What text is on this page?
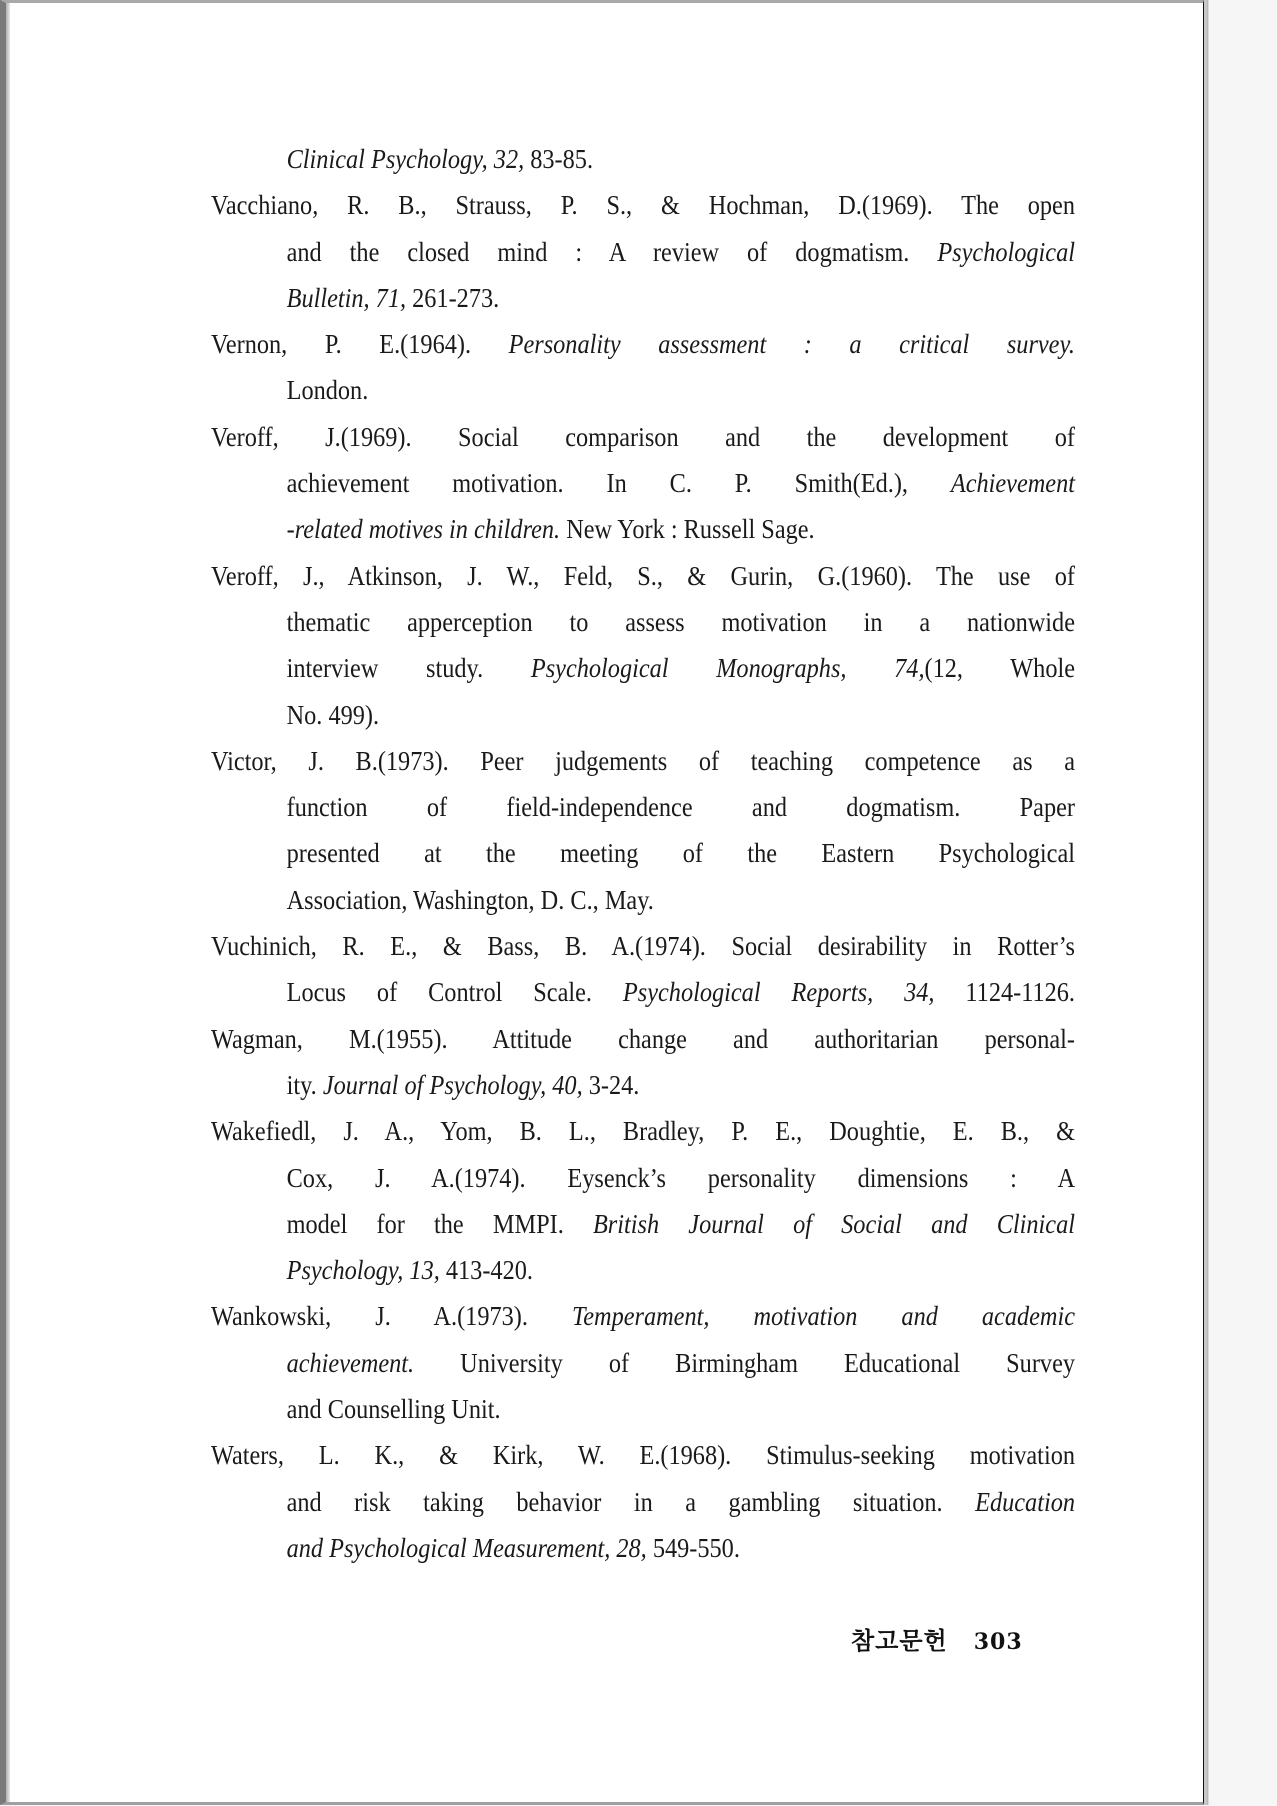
Clinical Psychology, 32, 83-85.
Vacchiano, R. B., Strauss, P. S., & Hochman, D.(1969). The open
and the closed mind : A review of dogmatism. Psychological
Bulletin, 71, 261-273.
Vernon, P. E.(1964). Personality assessment : a critical survey.
London.
Veroff, J.(1969). Social comparison and the development of
achievement motivation. In C. P. Smith(Ed.), Achievement
-related motives in children. New York : Russell Sage.
Veroff, J., Atkinson, J. W., Feld, S., & Gurin, G.(1960). The use of
thematic apperception to assess motivation in a nationwide
interview study. Psychological Monographs, 74,(12, Whole
No. 499).
Victor, J. B.(1973). Peer judgements of teaching competence as a
function of field-independence and dogmatism. Paper
presented at the meeting of the Eastern Psychological
Association, Washington, D. C., May.
Vuchinich, R. E., & Bass, B. A.(1974). Social desirability in Rotter’s
Locus of Control Scale. Psychological Reports, 34, 1124-1126.
Wagman, M.(1955). Attitude change and authoritarian personal-
ity. Journal of Psychology, 40, 3-24.
Wakefiedl, J. A., Yom, B. L., Bradley, P. E., Doughtie, E. B., &
Cox, J. A.(1974). Eysenck’s personality dimensions : A
model for the MMPI. British Journal of Social and Clinical
Psychology, 13, 413-420.
Wankowski, J. A.(1973). Temperament, motivation and academic
achievement. University of Birmingham Educational Survey
and Counselling Unit.
Waters, L. K., & Kirk, W. E.(1968). Stimulus-seeking motivation
and risk taking behavior in a gambling situation. Education
and Psychological Measurement, 28, 549-550.
참고문헌 303
